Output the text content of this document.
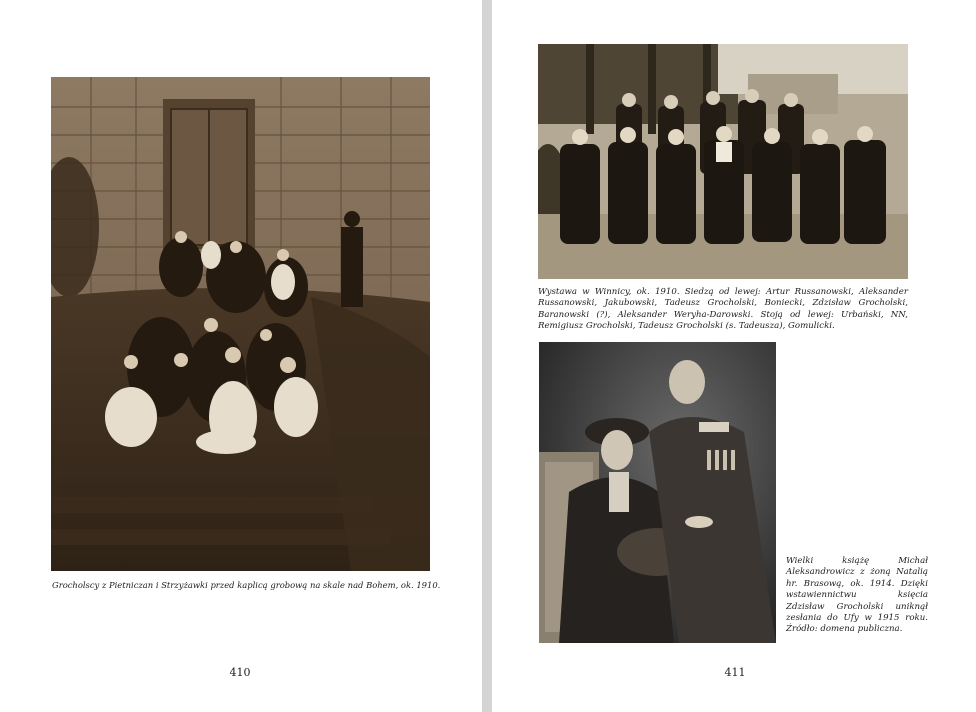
Grocholscy z Pietniczan i Strzyżawki przed kaplicą grobową na skale nad Bohem, ok. 1910.
410
Wystawa w Winnicy, ok. 1910. Siedzą od lewej: Artur Russanowski, Aleksander Russanowski, Jakubowski, Tadeusz Grocholski, Boniecki, Zdzisław Grocholski, Baranowski (?), Aleksander Weryha-Darowski. Stoją od lewej: Urbański, NN, Remigiusz Grocholski, Tadeusz Grocholski (s. Tadeusza), Gomulicki.
Wielki książę Michał Aleksandrowicz z żoną Natalią hr. Brasową, ok. 1914. Dzięki wstawiennictwu księcia Zdzisław Grocholski uniknął zesłania do Ufy w 1915 roku. Źródło: domena publiczna.
411
